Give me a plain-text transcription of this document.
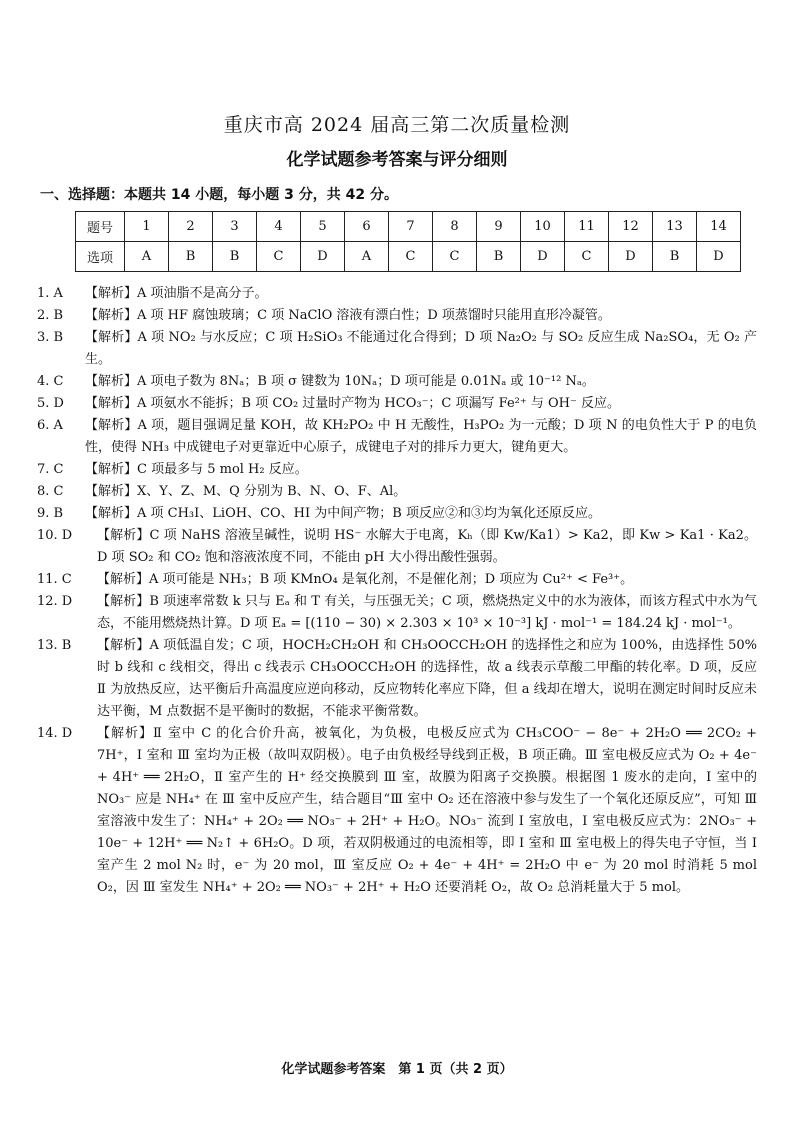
重庆市高 2024 届高三第二次质量检测
化学试题参考答案与评分细则
一、选择题：本题共 14 小题，每小题 3 分，共 42 分。
题号	1	2	3	4	5	6	7	8	9	10	11	12	13	14
选项	A	B	B	C	D	A	C	C	B	D	C	D	B	D
1. A	【解析】A 项油脂不是高分子。
2. B	【解析】A 项 HF 腐蚀玻璃；C 项 NaClO 溶液有漂白性；D 项蒸馏时只能用直形冷凝管。
3. B	【解析】A 项 NO₂ 与水反应；C 项 H₂SiO₃ 不能通过化合得到；D 项 Na₂O₂ 与 SO₂ 反应生成 Na₂SO₄，无 O₂ 产生。
4. C	【解析】A 项电子数为 8Nₐ；B 项 σ 键数为 10Nₐ；D 项可能是 0.01Nₐ 或 10⁻¹² Nₐ。
5. D	【解析】A 项氨水不能拆；B 项 CO₂ 过量时产物为 HCO₃⁻；C 项漏写 Fe²⁺ 与 OH⁻ 反应。
6. A	【解析】A 项，题目强调足量 KOH，故 KH₂PO₂ 中 H 无酸性，H₃PO₂ 为一元酸；D 项 N 的电负性大于 P 的电负性，使得 NH₃ 中成键电子对更靠近中心原子，成键电子对的排斥力更大，键角更大。
7. C	【解析】C 项最多与 5 mol H₂ 反应。
8. C	【解析】X、Y、Z、M、Q 分别为 B、N、O、F、Al。
9. B	【解析】A 项 CH₃I、LiOH、CO、HI 为中间产物；B 项反应②和③均为氧化还原反应。
10. D	【解析】C 项 NaHS 溶液呈碱性，说明 HS⁻ 水解大于电离，Kₕ（即 Kw/Ka1）> Ka2，即 Kw > Ka1 · Ka2。D 项 SO₂ 和 CO₂ 饱和溶液浓度不同，不能由 pH 大小得出酸性强弱。
11. C	【解析】A 项可能是 NH₃；B 项 KMnO₄ 是氧化剂，不是催化剂；D 项应为 Cu²⁺ < Fe³⁺。
12. D	【解析】B 项速率常数 k 只与 Eₐ 和 T 有关，与压强无关；C 项，燃烧热定义中的水为液体，而该方程式中水为气态，不能用燃烧热计算。D 项 Eₐ = [(110 − 30) × 2.303 × 10³ × 10⁻³] kJ · mol⁻¹ = 184.24 kJ · mol⁻¹。
13. B	【解析】A 项低温自发；C 项，HOCH₂CH₂OH 和 CH₃OOCCH₂OH 的选择性之和应为 100%，由选择性 50% 时 b 线和 c 线相交，得出 c 线表示 CH₃OOCCH₂OH 的选择性，故 a 线表示草酸二甲酯的转化率。D 项，反应 Ⅱ 为放热反应，达平衡后升高温度应逆向移动，反应物转化率应下降，但 a 线却在增大，说明在测定时间时反应未达平衡，M 点数据不是平衡时的数据，不能求平衡常数。
14. D	【解析】Ⅱ 室中 C 的化合价升高，被氧化，为负极，电极反应式为 CH₃COO⁻ − 8e⁻ + 2H₂O ══ 2CO₂ + 7H⁺，Ⅰ 室和 Ⅲ 室均为正极（故叫双阴极）。电子由负极经导线到正极，B 项正确。Ⅲ 室电极反应式为 O₂ + 4e⁻ + 4H⁺ ══ 2H₂O，Ⅱ 室产生的 H⁺ 经交换膜到 Ⅲ 室，故膜为阳离子交换膜。根据图 1 废水的走向，Ⅰ 室中的 NO₃⁻ 应是 NH₄⁺ 在 Ⅲ 室中反应产生，结合题目“Ⅲ 室中 O₂ 还在溶液中参与发生了一个氧化还原反应”，可知 Ⅲ 室溶液中发生了：NH₄⁺ + 2O₂ ══ NO₃⁻ + 2H⁺ + H₂O。NO₃⁻ 流到 Ⅰ 室放电，Ⅰ 室电极反应式为：2NO₃⁻ + 10e⁻ + 12H⁺ ══ N₂↑ + 6H₂O。D 项，若双阴极通过的电流相等，即 Ⅰ 室和 Ⅲ 室电极上的得失电子守恒，当 Ⅰ 室产生 2 mol N₂ 时，e⁻ 为 20 mol，Ⅲ 室反应 O₂ + 4e⁻ + 4H⁺ = 2H₂O 中 e⁻ 为 20 mol 时消耗 5 mol O₂，因 Ⅲ 室发生 NH₄⁺ + 2O₂ ══ NO₃⁻ + 2H⁺ + H₂O 还要消耗 O₂，故 O₂ 总消耗量大于 5 mol。
化学试题参考答案　第 1 页（共 2 页）
